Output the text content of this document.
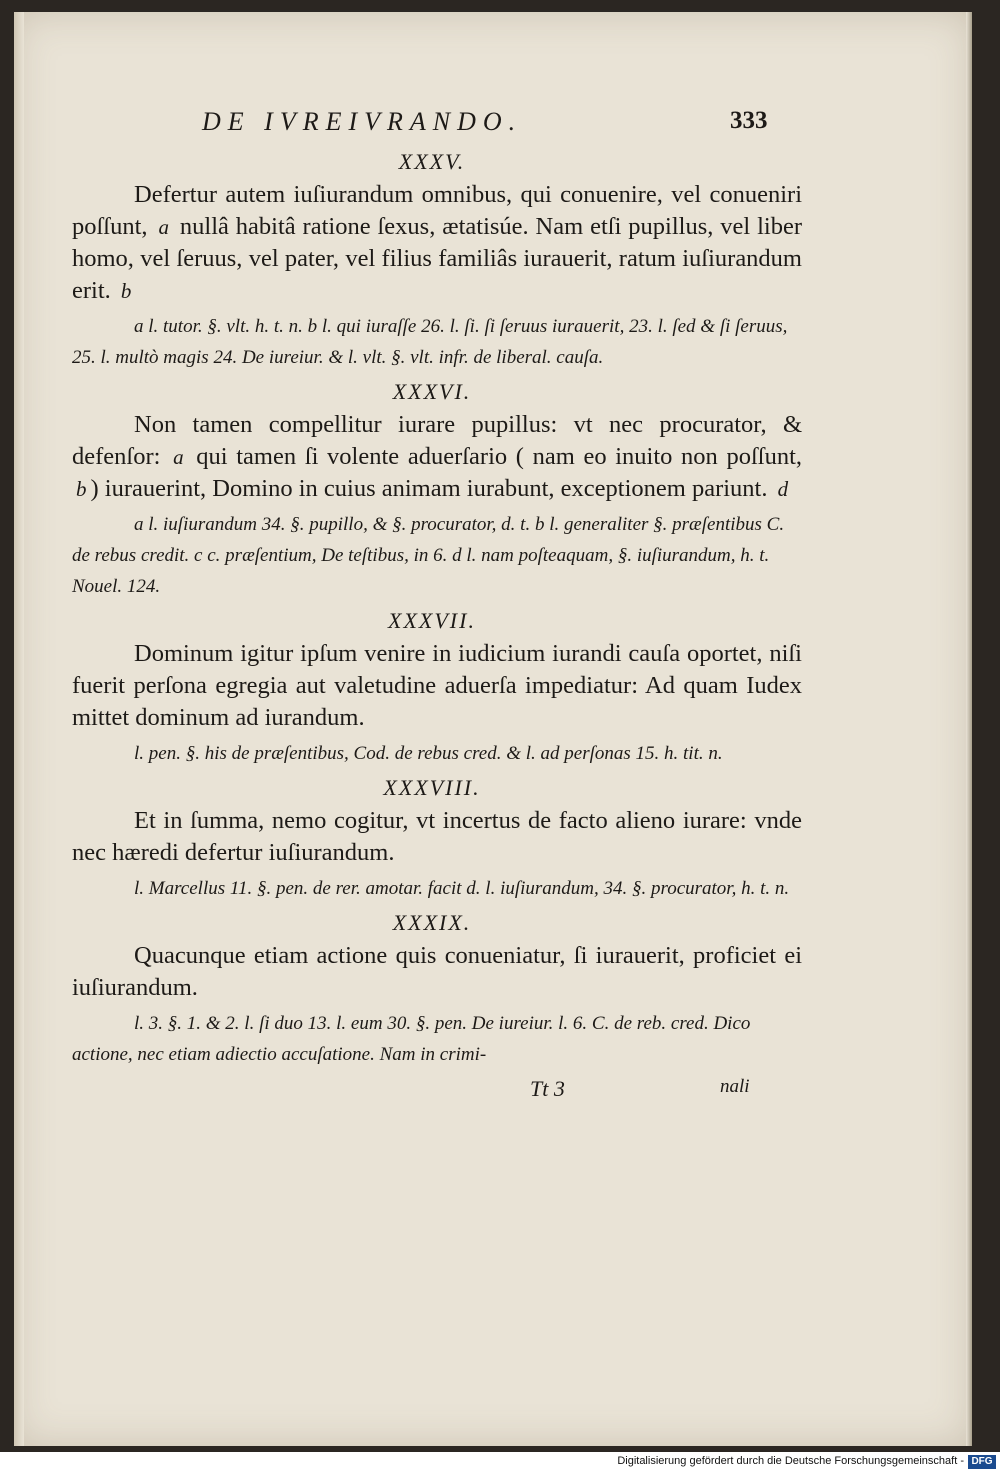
DE IVREIVRANDO.	333
XXXV.

Defertur autem iuſiurandum omnibus, qui conuenire, vel conueniri poſſunt, a nullâ habitâ ratione ſexus, ætatisúe. Nam etſi pupillus, vel liber homo, vel ſeruus, vel pater, vel filius familiâs iurauerit, ratum iuſiurandum erit. b

a l. tutor. §. vlt. h. t. n. b l. qui iuraſſe 26. l. ſi. ſi ſeruus iurauerit, 23. l. ſed & ſi ſeruus, 25. l. multò magis 24. De iureiur. & l. vlt. §. vlt. infr. de liberal. cauſa.

XXXVI.

Non tamen compellitur iurare pupillus: vt nec procurator, & defenſor: a qui tamen ſi volente aduerſario ( nam eo inuito non poſſunt, b ) iurauerint, Domino in cuius animam iurabunt, exceptionem pariunt. d

a l. iuſiurandum 34. §. pupillo, & §. procurator, d. t. b l. generaliter §. præſentibus C. de rebus credit. c c. præſentium, De teſtibus, in 6. d l. nam poſteaquam, §. iuſiurandum, h. t. Nouel. 124.

XXXVII.

Dominum igitur ipſum venire in iudicium iurandi cauſa oportet, niſi fuerit perſona egregia aut valetudine aduerſa impediatur: Ad quam Iudex mittet dominum ad iurandum.

l. pen. §. his de præſentibus, Cod. de rebus cred. & l. ad perſonas 15. h. tit. n.

XXXVIII.

Et in ſumma, nemo cogitur, vt incertus de facto alieno iurare: vnde nec hæredi defertur iuſiurandum.

l. Marcellus 11. §. pen. de rer. amotar. facit d. l. iuſiurandum, 34. §. procurator, h. t. n.

XXXIX.

Quacunque etiam actione quis conueniatur, ſi iurauerit, proficiet ei iuſiurandum.

l. 3. §. 1. & 2. l. ſi duo 13. l. eum 30. §. pen. De iureiur. l. 6. C. de reb. cred. Dico actione, nec etiam adiectio accuſatione. Nam in crimi-

Tt 3	nali
Digitalisierung gefördert durch die Deutsche Forschungsgemeinschaft - DFG
